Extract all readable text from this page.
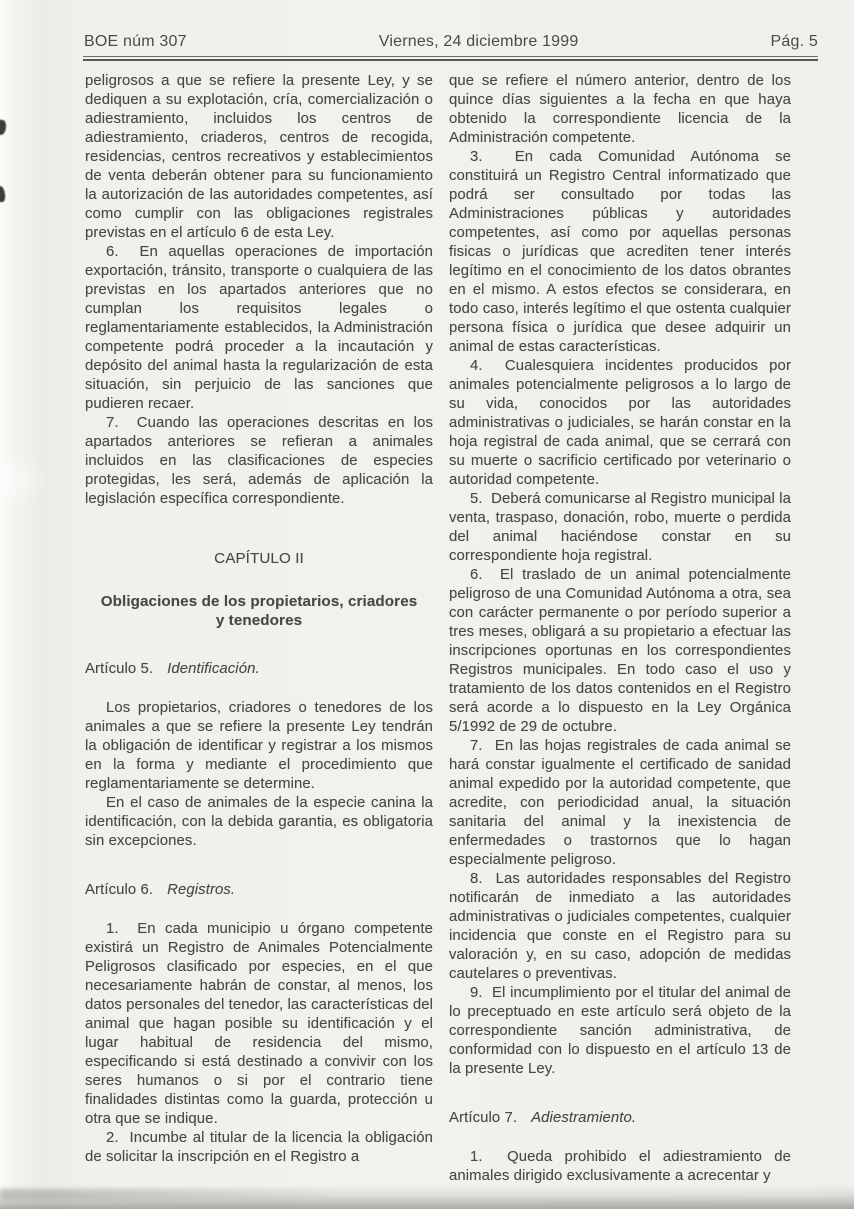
BOE núm 307	Viernes, 24 diciembre 1999	Pág. 5

peligrosos a que se refiere la presente Ley, y se dediquen a su explotación, cría, comercialización o adiestramiento, incluidos los centros de adiestramiento, criaderos, centros de recogida, residencias, centros recreativos y establecimientos de venta deberán obtener para su funcionamiento la autorización de las autoridades competentes, así como cumplir con las obligaciones registrales previstas en el artículo 6 de esta Ley.

6.  En aquellas operaciones de importación exportación, tránsito, transporte o cualquiera de las previstas en los apartados anteriores que no cumplan los requisitos legales o reglamentariamente establecidos, la Administración competente podrá proceder a la incautación y depósito del animal hasta la regularización de esta situación, sin perjuicio de las sanciones que pudieren recaer.

7.  Cuando las operaciones descritas en los apartados anteriores se refieran a animales incluidos en las clasificaciones de especies protegidas, les será, además de aplicación la legislación específica correspondiente.

CAPÍTULO II
Obligaciones de los propietarios, criadores y tenedores

Artículo 5. Identificación.

Los propietarios, criadores o tenedores de los animales a que se refiere la presente Ley tendrán la obligación de identificar y registrar a los mismos en la forma y mediante el procedimiento que reglamentariamente se determine.

En el caso de animales de la especie canina la identificación, con la debida garantia, es obligatoria sin excepciones.

Artículo 6. Registros.

1.  En cada municipio u órgano competente existirá un Registro de Animales Potencialmente Peligrosos clasificado por especies, en el que necesariamente habrán de constar, al menos, los datos personales del tenedor, las características del animal que hagan posible su identificación y el lugar habitual de residencia del mismo, especificando si está destinado a convivir con los seres humanos o si por el contrario tiene finalidades distintas como la guarda, protección u otra que se indique.

2.  Incumbe al titular de la licencia la obligación de solicitar la inscripción en el Registro a

que se refiere el número anterior, dentro de los quince días siguientes a la fecha en que haya obtenido la correspondiente licencia de la Administración competente.

3.  En cada Comunidad Autónoma se constituirá un Registro Central informatizado que podrá ser consultado por todas las Administraciones públicas y autoridades competentes, así como por aquellas personas fisicas o jurídicas que acrediten tener interés legítimo en el conocimiento de los datos obrantes en el mismo. A estos efectos se considerara, en todo caso, interés legítimo el que ostenta cualquier persona física o jurídica que desee adquirir un animal de estas características.

4.  Cualesquiera incidentes producidos por animales potencialmente peligrosos a lo largo de su vida, conocidos por las autoridades administrativas o judiciales, se harán constar en la hoja registral de cada animal, que se cerrará con su muerte o sacrificio certificado por veterinario o autoridad competente.

5.  Deberá comunicarse al Registro municipal la venta, traspaso, donación, robo, muerte o perdida del animal haciéndose constar en su correspondiente hoja registral.

6.  El traslado de un animal potencialmente peligroso de una Comunidad Autónoma a otra, sea con carácter permanente o por período superior a tres meses, obligará a su propietario a efectuar las inscripciones oportunas en los correspondientes Registros municipales. En todo caso el uso y tratamiento de los datos contenidos en el Registro será acorde a lo dispuesto en la Ley Orgánica 5/1992 de 29 de octubre.

7.  En las hojas registrales de cada animal se hará constar igualmente el certificado de sanidad animal expedido por la autoridad competente, que acredite, con periodicidad anual, la situación sanitaria del animal y la inexistencia de enfermedades o trastornos que lo hagan especialmente peligroso.

8.  Las autoridades responsables del Registro notificarán de inmediato a las autoridades administrativas o judiciales competentes, cualquier incidencia que conste en el Registro para su valoración y, en su caso, adopción de medidas cautelares o preventivas.

9.  El incumplimiento por el titular del animal de lo preceptuado en este artículo será objeto de la correspondiente sanción administrativa, de conformidad con lo dispuesto en el artículo 13 de la presente Ley.

Artículo 7. Adiestramiento.

1.  Queda prohibido el adiestramiento de animales dirigido exclusivamente a acrecentar y
